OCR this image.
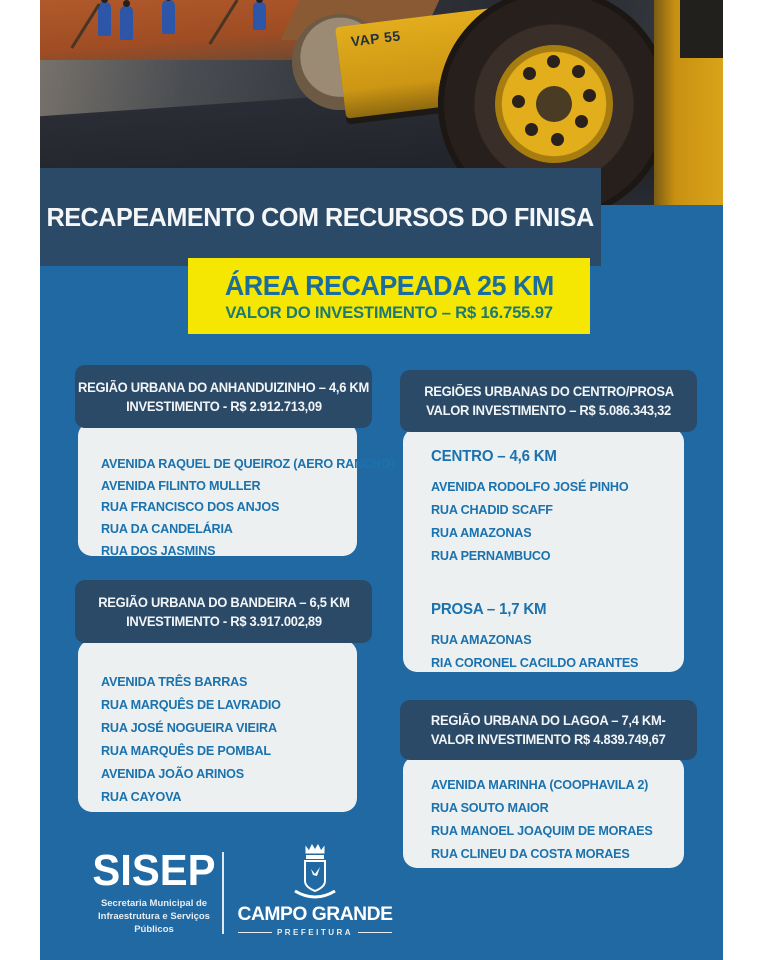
VAP 55
RECAPEAMENTO COM RECURSOS DO FINISA
ÁREA RECAPEADA 25 KM
VALOR DO INVESTIMENTO – R$ 16.755.97
REGIÃO URBANA DO ANHANDUIZINHO – 4,6 KM
INVESTIMENTO - R$ 2.912.713,09
AVENIDA RAQUEL DE QUEIROZ (AERO RANCHO)
AVENIDA FILINTO MULLER
RUA FRANCISCO DOS ANJOS
RUA DA CANDELÁRIA
RUA DOS JASMINS
REGIÃO URBANA DO BANDEIRA – 6,5 KM
INVESTIMENTO - R$ 3.917.002,89
AVENIDA TRÊS BARRAS
RUA MARQUÊS DE LAVRADIO
RUA JOSÉ NOGUEIRA VIEIRA
RUA MARQUÊS DE POMBAL
AVENIDA JOÃO ARINOS
RUA CAYOVA
REGIÕES URBANAS DO CENTRO/PROSA
VALOR INVESTIMENTO – R$ 5.086.343,32
CENTRO – 4,6 KM
AVENIDA RODOLFO JOSÉ PINHO
RUA CHADID SCAFF
RUA AMAZONAS
RUA PERNAMBUCO
PROSA – 1,7 KM
RUA AMAZONAS
RIA CORONEL CACILDO ARANTES
REGIÃO URBANA DO LAGOA – 7,4 KM-
VALOR INVESTIMENTO R$ 4.839.749,67
AVENIDA MARINHA (COOPHAVILA 2)
RUA SOUTO MAIOR
RUA MANOEL JOAQUIM DE MORAES
RUA CLINEU DA COSTA MORAES
SISEP
Secretaria Municipal de
Infraestrutura e Serviços Públicos
CAMPO GRANDE
PREFEITURA
